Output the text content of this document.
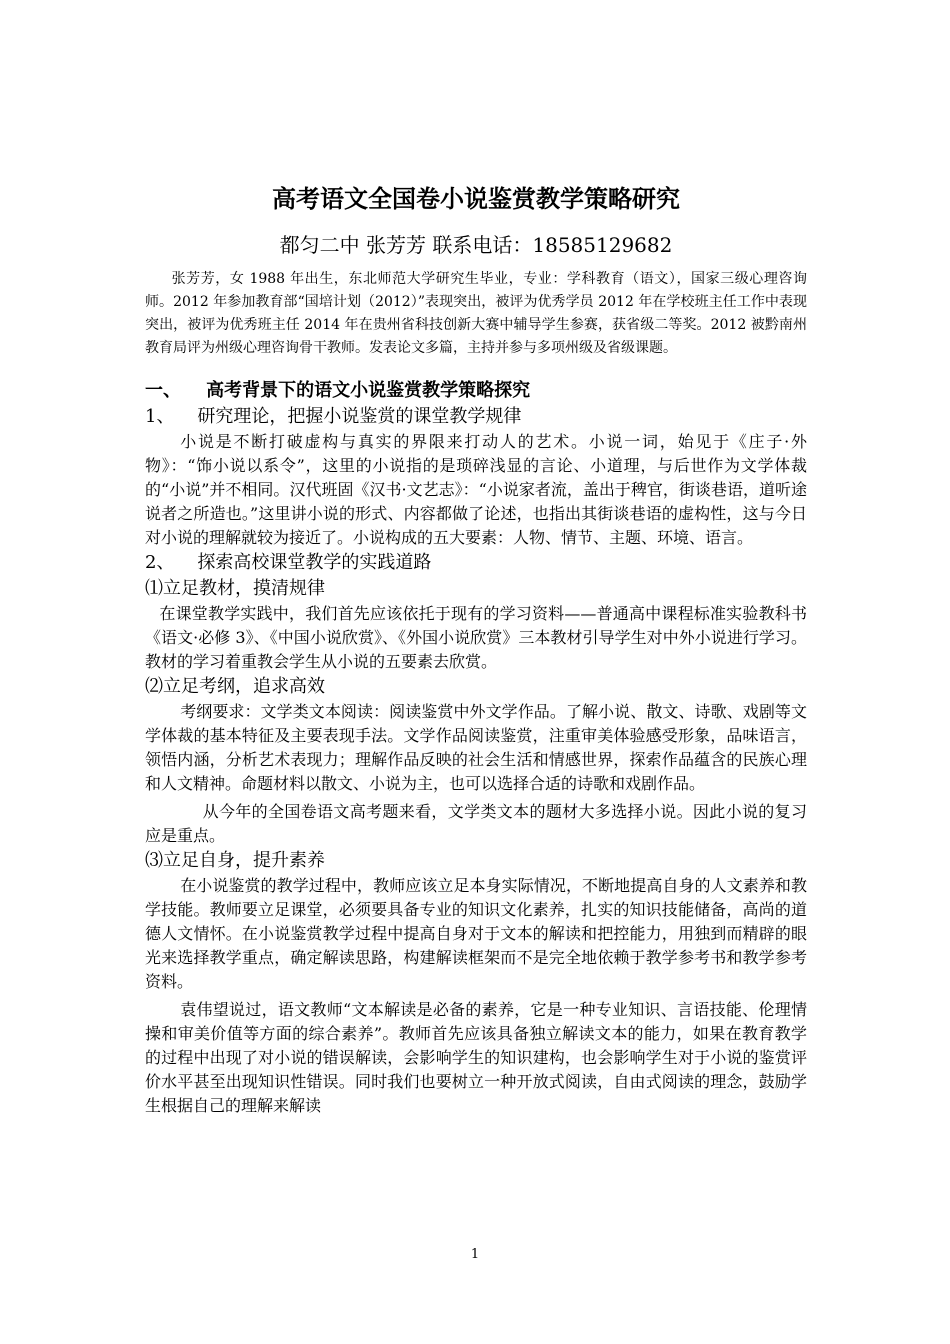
高考语文全国卷小说鉴赏教学策略研究
都匀二中 张芳芳 联系电话：18585129682

张芳芳，女 1988 年出生，东北师范大学研究生毕业，专业：学科教育（语文），国家三级心理咨询师。2012 年参加教育部“国培计划（2012）”表现突出，被评为优秀学员 2012 年在学校班主任工作中表现突出，被评为优秀班主任 2014 年在贵州省科技创新大赛中辅导学生参赛，获省级二等奖。2012 被黔南州教育局评为州级心理咨询骨干教师。发表论文多篇，主持并参与多项州级及省级课题。

一、    高考背景下的语文小说鉴赏教学策略探究
1、    研究理论，把握小说鉴赏的课堂教学规律

小说是不断打破虚构与真实的界限来打动人的艺术。小说一词，始见于《庄子·外物》：“饰小说以系令”，这里的小说指的是琐碎浅显的言论、小道理，与后世作为文学体裁的“小说”并不相同。汉代班固《汉书·文艺志》：“小说家者流，盖出于稗官，街谈巷语，道听途说者之所造也。”这里讲小说的形式、内容都做了论述，也指出其街谈巷语的虚构性，这与今日对小说的理解就较为接近了。小说构成的五大要素：人物、情节、主题、环境、语言。

2、    探索高校课堂教学的实践道路
⑴立足教材，摸清规律

在课堂教学实践中，我们首先应该依托于现有的学习资料——普通高中课程标准实验教科书《语文·必修 3》、《中国小说欣赏》、《外国小说欣赏》三本教材引导学生对中外小说进行学习。教材的学习着重教会学生从小说的五要素去欣赏。

⑵立足考纲，追求高效

考纲要求：文学类文本阅读：阅读鉴赏中外文学作品。了解小说、散文、诗歌、戏剧等文学体裁的基本特征及主要表现手法。文学作品阅读鉴赏，注重审美体验感受形象，品味语言，领悟内涵，分析艺术表现力；理解作品反映的社会生活和情感世界，探索作品蕴含的民族心理和人文精神。命题材料以散文、小说为主，也可以选择合适的诗歌和戏剧作品。

从今年的全国卷语文高考题来看，文学类文本的题材大多选择小说。因此小说的复习应是重点。

⑶立足自身，提升素养

在小说鉴赏的教学过程中，教师应该立足本身实际情况，不断地提高自身的人文素养和教学技能。教师要立足课堂，必须要具备专业的知识文化素养，扎实的知识技能储备，高尚的道德人文情怀。在小说鉴赏教学过程中提高自身对于文本的解读和把控能力，用独到而精辟的眼光来选择教学重点，确定解读思路，构建解读框架而不是完全地依赖于教学参考书和教学参考资料。

袁伟望说过，语文教师“文本解读是必备的素养，它是一种专业知识、言语技能、伦理情操和审美价值等方面的综合素养”。教师首先应该具备独立解读文本的能力，如果在教育教学的过程中出现了对小说的错误解读，会影响学生的知识建构，也会影响学生对于小说的鉴赏评价水平甚至出现知识性错误。同时我们也要树立一种开放式阅读，自由式阅读的理念，鼓励学生根据自己的理解来解读

1
